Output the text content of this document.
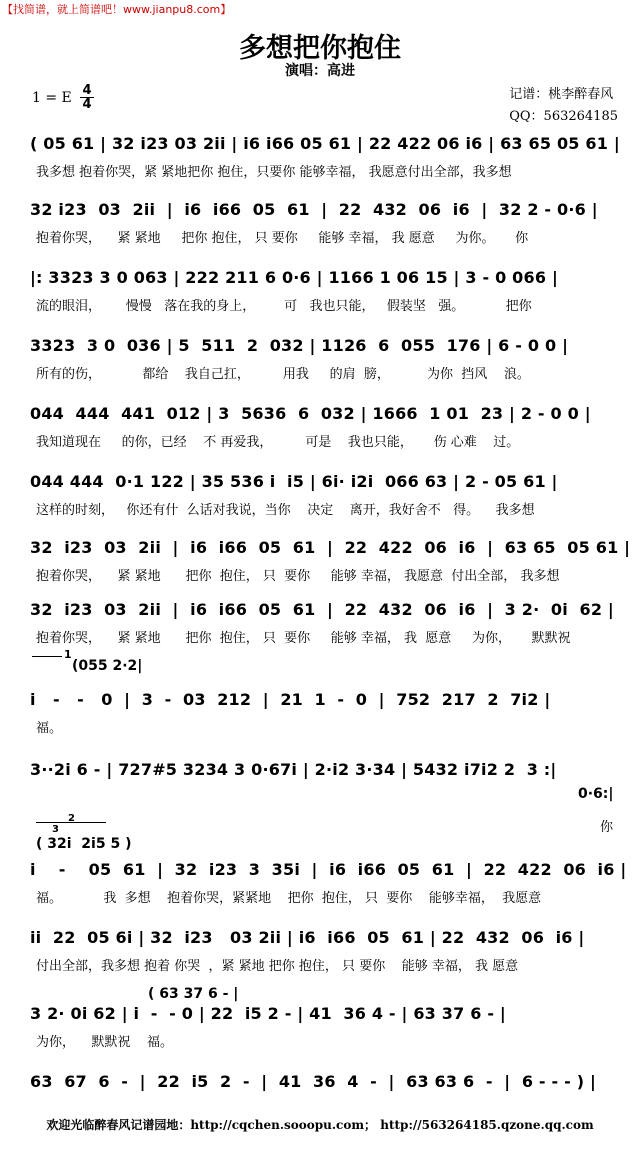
【找简谱，就上简谱吧！www.jianpu8.com】
多想把你抱住
演唱：高进
1 = E 4
4
记谱：桃李醉春风
QQ：563264185
( 05 61 | 32 i23 03 2ii | i6 i66 05 61 | 22 422 06 i6 | 63 65 05 61 |
我多想 抱着你哭，紧 紧地把你 抱住，只要你 能够幸福， 我愿意付出全部，我多想
32 i23  03  2ii  |  i6  i66  05  61  |  22  432  06  i6  |  32 2 - 0·6 |
抱着你哭，    紧 紧地     把你 抱住， 只 要你     能够 幸福， 我 愿意     为你。     你
|: 3323 3 0 063 | 222 211 6 0·6 | 1166 1 06 15 | 3 - 0 066 |
流的眼泪，      慢慢   落在我的身上，       可   我也只能，   假装坚   强。          把你
3323  3 0  036 | 5  511  2  032 | 1126  6  055  176 | 6 - 0 0 |
所有的伤，          都给    我自己扛，        用我     的肩  膀，         为你  挡风    浪。
044  444  441  012 | 3  5636  6  032 | 1666  1 01  23 | 2 - 0 0 |
我知道现在     的你，已经    不 再爱我，        可是    我也只能，     伤 心难    过。
044 444  0·1 122 | 35 536 i  i5 | 6i· i2i  066 63 | 2 - 05 61 |
这样的时刻，   你还有什  么话对我说，当你    决定    离开，我好舍不   得。    我多想
32  i23  03  2ii  |  i6  i66  05  61  |  22  422  06  i6  |  63 65  05 61 |
抱着你哭，    紧 紧地      把你  抱住， 只  要你     能够 幸福， 我愿意  付出全部， 我多想
32  i23  03  2ii  |  i6  i66  05  61  |  22  432  06  i6  |  3 2·  0i  62 |
抱着你哭，    紧 紧地      把你  抱住， 只  要你     能够 幸福， 我  愿意     为你，     默默祝
1
(055 2·2|
i   -   -   0  |  3  -  03  212  |  21  1  -  0  |  752  217  2  7i2 |
福。
3··2i 6 - | 727#5 3234 3 0·67i | 2·i2 3·34 | 5432 i7i2 2  3 :|
0·6:|
你
2
3
( 32i  2i5 5 )
i    -    05  61  |  32  i23  3  35i  |  i6  i66  05  61  |  22  422  06  i6 |
福。          我  多想    抱着你哭，紧紧地    把你  抱住， 只  要你    能够幸福，  我愿意
ii  22  05 6i | 32  i23   03 2ii | i6  i66  05  61 | 22  432  06  i6 |
付出全部，我多想 抱着 你哭  ，紧 紧地 把你 抱住， 只 要你    能够 幸福， 我 愿意
( 63 37 6 - |
3 2· 0i 62 | i  -  - 0 | 22  i5 2 - | 41  36 4 - | 63 37 6 - |
为你，    默默祝    福。
63  67  6  -  |  22  i5  2  -  |  41  36  4  -  |  63 63 6  -  |  6 - - - ) |
欢迎光临醉春风记谱园地：http://cqchen.sooopu.com； http://563264185.qzone.qq.com
